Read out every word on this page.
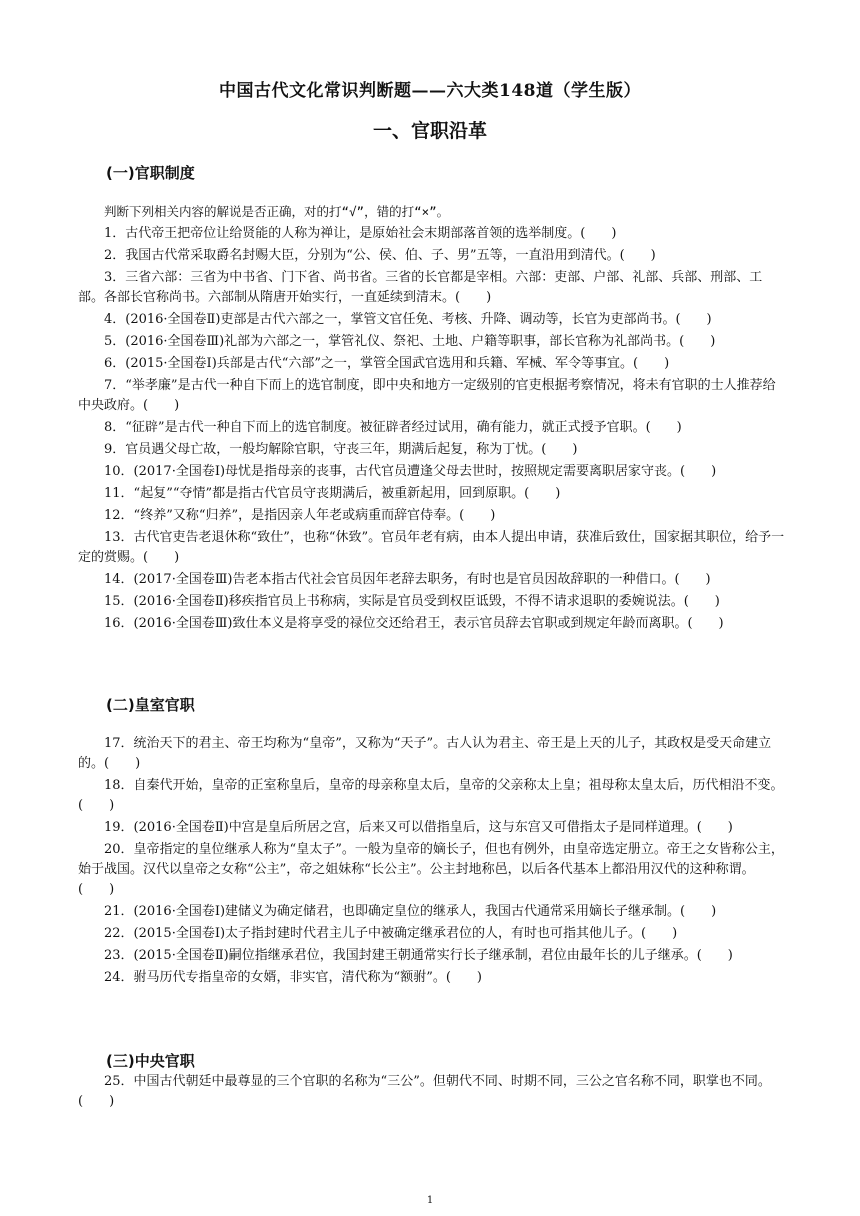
中国古代文化常识判断题——六大类148道（学生版）
一、官职沿革
(一)官职制度

判断下列相关内容的解说是否正确，对的打“√”，错的打“×”。

1．古代帝王把帝位让给贤能的人称为禅让，是原始社会末期部落首领的选举制度。(　　)

2．我国古代常采取爵名封赐大臣，分别为“公、侯、伯、子、男”五等，一直沿用到清代。(　　)

3．三省六部：三省为中书省、门下省、尚书省。三省的长官都是宰相。六部：吏部、户部、礼部、兵部、刑部、工部。各部长官称尚书。六部制从隋唐开始实行，一直延续到清末。(　　)

4．(2016·全国卷Ⅱ)吏部是古代六部之一，掌管文官任免、考核、升降、调动等，长官为吏部尚书。(　　)

5．(2016·全国卷Ⅲ)礼部为六部之一，掌管礼仪、祭祀、土地、户籍等职事，部长官称为礼部尚书。(　　)

6．(2015·全国卷Ⅰ)兵部是古代“六部”之一，掌管全国武官选用和兵籍、军械、军令等事宜。(　　)

7．“举孝廉”是古代一种自下而上的选官制度，即中央和地方一定级别的官吏根据考察情况，将未有官职的士人推荐给中央政府。(　　)

8．“征辟”是古代一种自下而上的选官制度。被征辟者经过试用，确有能力，就正式授予官职。(　　)

9．官员遇父母亡故，一般均解除官职，守丧三年，期满后起复，称为丁忧。(　　)

10．(2017·全国卷Ⅰ)母忧是指母亲的丧事，古代官员遭逢父母去世时，按照规定需要离职居家守丧。(　　)

11．“起复”“夺情”都是指古代官员守丧期满后，被重新起用，回到原职。(　　)

12．“终养”又称“归养”，是指因亲人年老或病重而辞官侍奉。(　　)

13．古代官吏告老退休称“致仕”，也称“休致”。官员年老有病，由本人提出申请，获准后致仕，国家据其职位，给予一定的赏赐。(　　)

14．(2017·全国卷Ⅲ)告老本指古代社会官员因年老辞去职务，有时也是官员因故辞职的一种借口。(　　)

15．(2016·全国卷Ⅱ)移疾指官员上书称病，实际是官员受到权臣诋毁，不得不请求退职的委婉说法。(　　)

16．(2016·全国卷Ⅲ)致仕本义是将享受的禄位交还给君王，表示官员辞去官职或到规定年龄而离职。(　　)

(二)皇室官职

17．统治天下的君主、帝王均称为“皇帝”，又称为“天子”。古人认为君主、帝王是上天的儿子，其政权是受天命建立的。(　　)

18．自秦代开始，皇帝的正室称皇后，皇帝的母亲称皇太后，皇帝的父亲称太上皇；祖母称太皇太后，历代相沿不变。(　　)

19．(2016·全国卷Ⅱ)中宫是皇后所居之宫，后来又可以借指皇后，这与东宫又可借指太子是同样道理。(　　)

20．皇帝指定的皇位继承人称为“皇太子”。一般为皇帝的嫡长子，但也有例外，由皇帝选定册立。帝王之女皆称公主，始于战国。汉代以皇帝之女称“公主”，帝之姐妹称“长公主”。公主封地称邑，以后各代基本上都沿用汉代的这种称谓。(　　)

21．(2016·全国卷Ⅰ)建储义为确定储君，也即确定皇位的继承人，我国古代通常采用嫡长子继承制。(　　)

22．(2015·全国卷Ⅰ)太子指封建时代君主儿子中被确定继承君位的人，有时也可指其他儿子。(　　)

23．(2015·全国卷Ⅱ)嗣位指继承君位，我国封建王朝通常实行长子继承制，君位由最年长的儿子继承。(　　)

24．驸马历代专指皇帝的女婿，非实官，清代称为“额驸”。(　　)

(三)中央官职

25．中国古代朝廷中最尊显的三个官职的名称为“三公”。但朝代不同、时期不同，三公之官名称不同，职掌也不同。(　　)

1
